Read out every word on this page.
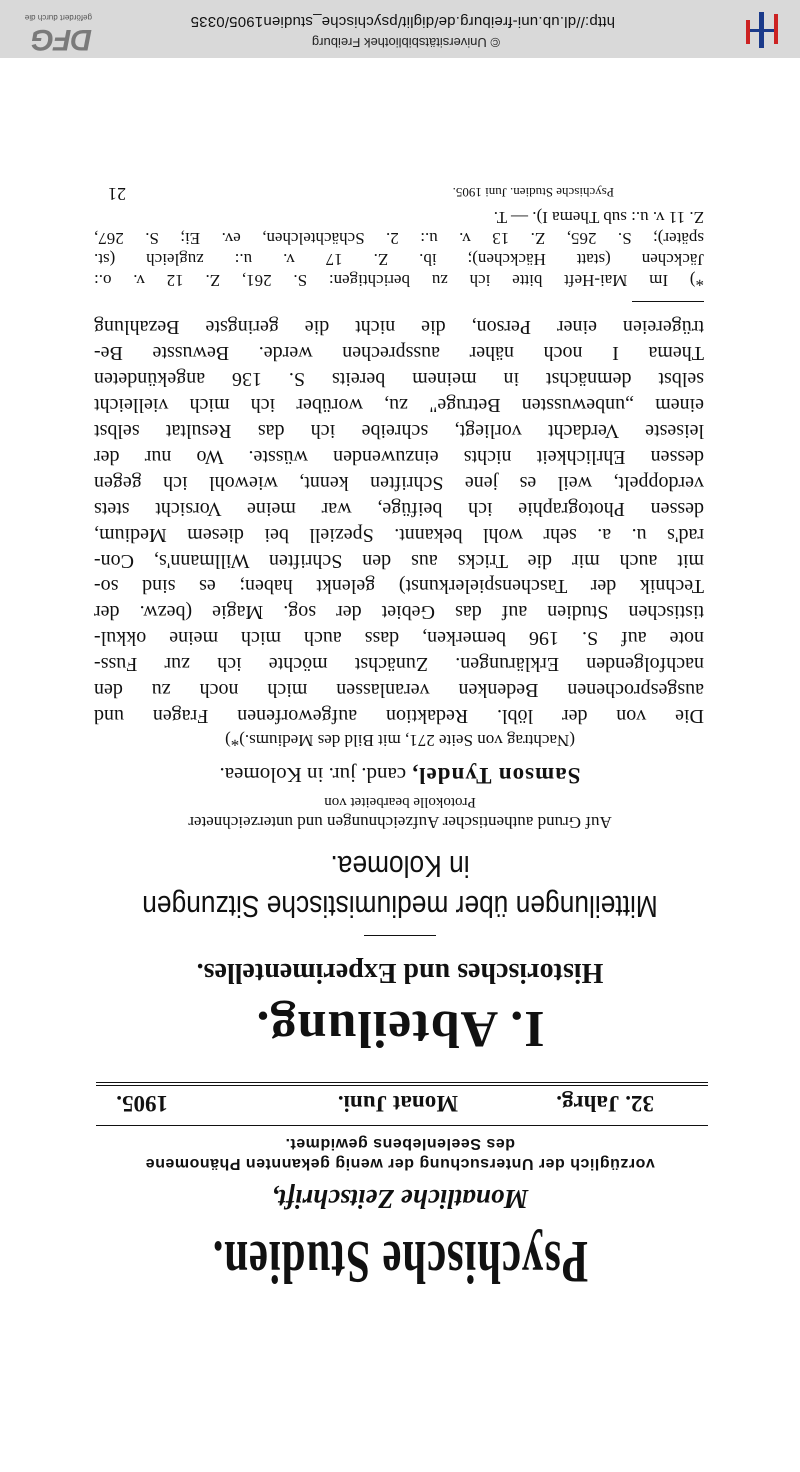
Psychische Studien.
Monatliche Zeitschrift,
vorzüglich der Untersuchung der wenig gekannten Phänomene
des Seelenlebens gewidmet.
32. Jahrg.
Monat Juni.
1905.
I. Abteilung.
Historisches und Experimentelles.
Mitteilungen über mediumistische Sitzungen
in Kolomea.
Auf Grund authentischer Aufzeichnungen und unterzeichneter
Protokolle bearbeitet von
Samson Tyndel, cand. jur. in Kolomea.
(Nachtrag von Seite 271, mit Bild des Mediums.)*)
Die von der löbl. Redaktion aufgeworfenen Fragen und
ausgesprochenen Bedenken veranlassen mich noch zu den
nachfolgenden Erklärungen. Zunächst möchte ich zur Fuss-
note auf S. 196 bemerken, dass auch mich meine okkul-
tistischen Studien auf das Gebiet der sog. Magie (bezw. der
Technik der Taschenspielerkunst) gelenkt haben; es sind so-
mit auch mir die Tricks aus den Schriften Willmann's, Con-
rad's u. a. sehr wohl bekannt. Speziell bei diesem Medium,
dessen Photographie ich beifüge, war meine Vorsicht stets
verdoppelt, weil es jene Schriften kennt, wiewohl ich gegen
dessen Ehrlichkeit nichts einzuwenden wüsste. Wo nur der
leiseste Verdacht vorliegt, schreibe ich das Resultat selbst
einem „unbewussten Betruge" zu, worüber ich mich vielleicht
selbst demnächst in meinem bereits S. 136 angekündeten
Thema I noch näher aussprechen werde. Bewusste Be-
trügereien einer Person, die nicht die geringste Bezahlung
*) Im Mai-Heft bitte ich zu berichtigen: S. 261, Z. 12 v. o.:
Jäckchen (statt Häckchen); ib. Z. 17 v. u.: zugleich (st.
später); S. 265, Z. 13 v. u.: 2. Schächtelchen, ev. Ei; S. 267,
Z. 11 v. u.: sub Thema I). — T.
Psychische Studien. Juni 1905.
21
http://dl.ub.uni-freiburg.de/diglit/psychische_studien1905/0335
© Universitätsbibliothek Freiburg
DFG
gefördert durch die
